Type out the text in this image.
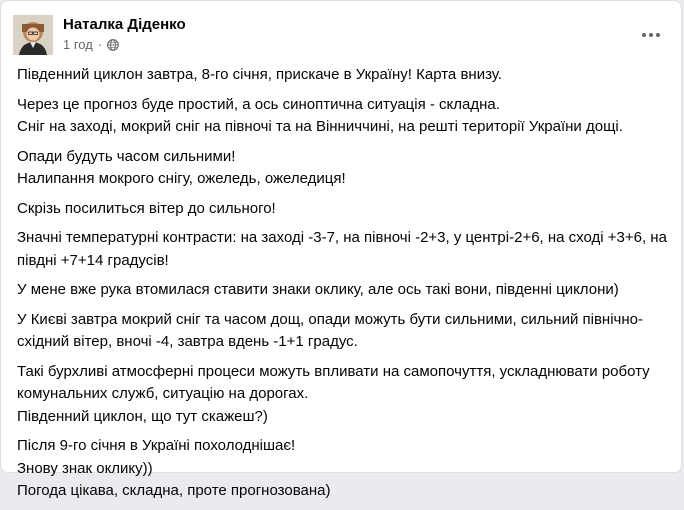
Наталка Діденко
1 год ·

Південний циклон завтра, 8-го січня, прискаче в Україну! Карта внизу.

Через це прогноз буде простий, а ось синоптична ситуація - складна.
Сніг на заході, мокрий сніг на півночі та на Вінниччині, на решті території України дощі.

Опади будуть часом сильними!
Налипання мокрого снігу, ожеледь, ожеледиця!

Скрізь посилиться вітер до сильного!

Значні температурні контрасти: на заході -3-7, на півночі -2+3, у центрі-2+6, на сході +3+6, на
півдні +7+14 градусів!

У мене вже рука втомилася ставити знаки оклику, але ось такі вони, південні циклони)

У Києві завтра мокрий сніг та часом дощ, опади можуть бути сильними, сильний північно-
східний вітер, вночі -4, завтра вдень -1+1 градус.

Такі бурхливі атмосферні процеси можуть впливати на самопочуття, ускладнювати роботу
комунальних служб, ситуацію на дорогах.
Південний циклон, що тут скажеш?)

Після 9-го січня в Україні похолоднішає!
Знову знак оклику))
Погода цікава, складна, проте прогнозована)
